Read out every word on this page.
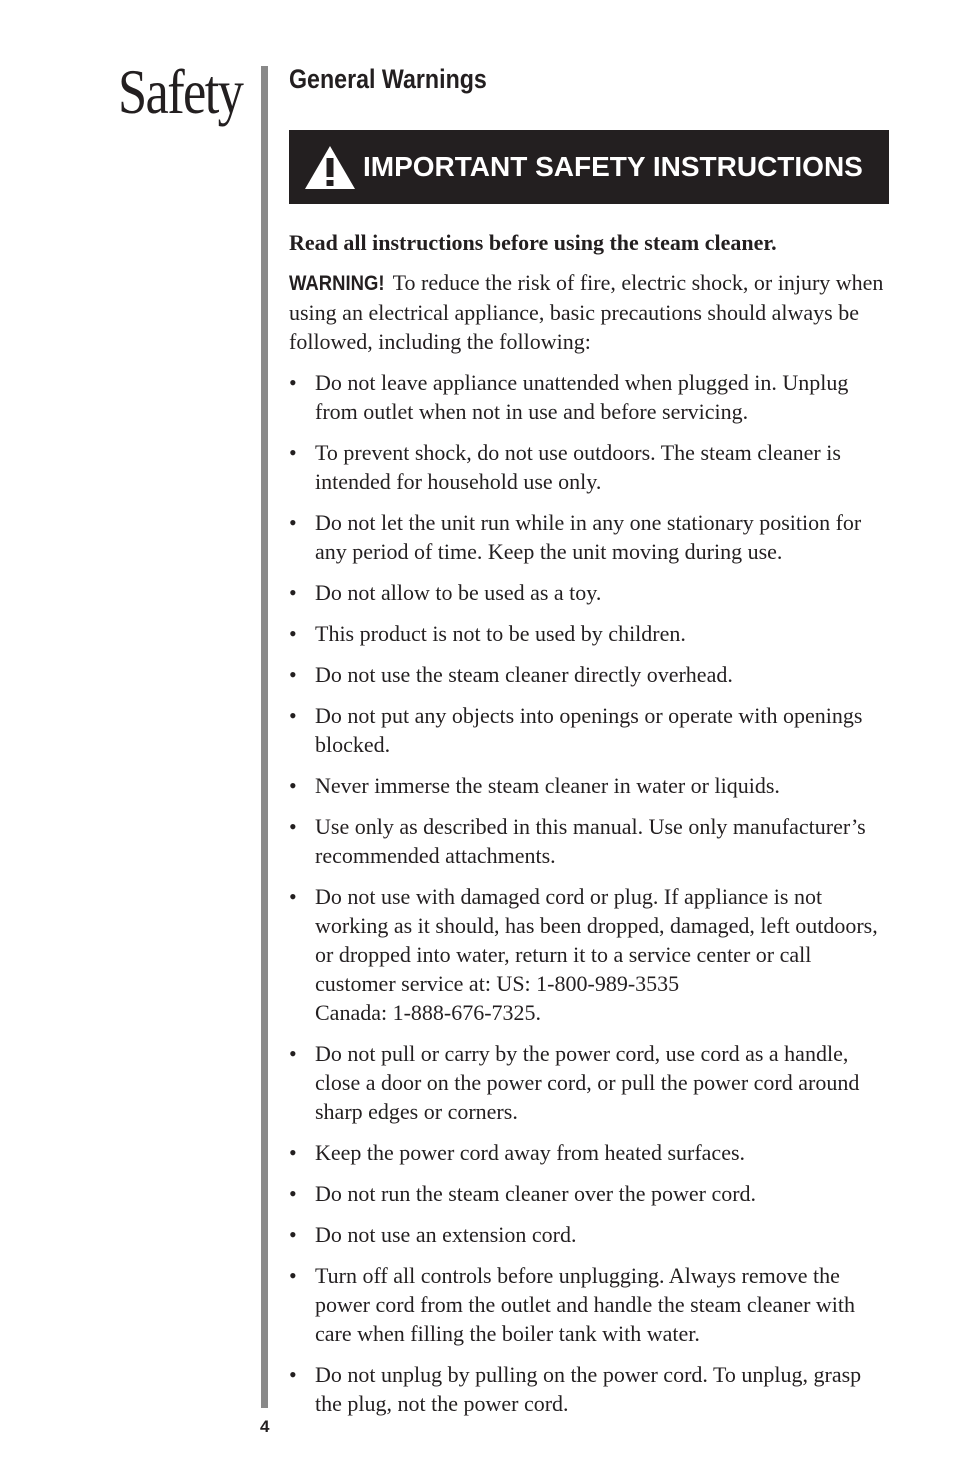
Safety General Warnings
IMPORTANT SAFETY INSTRUCTIONS

Read all instructions before using the steam cleaner.

WARNING! To reduce the risk of fire, electric shock, or injury when using an electrical appliance, basic precautions should always be followed, including the following:

• Do not leave appliance unattended when plugged in. Unplug from outlet when not in use and before servicing.
• To prevent shock, do not use outdoors. The steam cleaner is intended for household use only.
• Do not let the unit run while in any one stationary position for any period of time. Keep the unit moving during use.
• Do not allow to be used as a toy.
• This product is not to be used by children.
• Do not use the steam cleaner directly overhead.
• Do not put any objects into openings or operate with openings blocked.
• Never immerse the steam cleaner in water or liquids.
• Use only as described in this manual. Use only manufacturer’s recommended attachments.
• Do not use with damaged cord or plug. If appliance is not working as it should, has been dropped, damaged, left outdoors, or dropped into water, return it to a service center or call customer service at: US: 1-800-989-3535
Canada: 1-888-676-7325.
• Do not pull or carry by the power cord, use cord as a handle, close a door on the power cord, or pull the power cord around sharp edges or corners.
• Keep the power cord away from heated surfaces.
• Do not run the steam cleaner over the power cord.
• Do not use an extension cord.
• Turn off all controls before unplugging. Always remove the power cord from the outlet and handle the steam cleaner with care when filling the boiler tank with water.
• Do not unplug by pulling on the power cord. To unplug, grasp the plug, not the power cord.
4
